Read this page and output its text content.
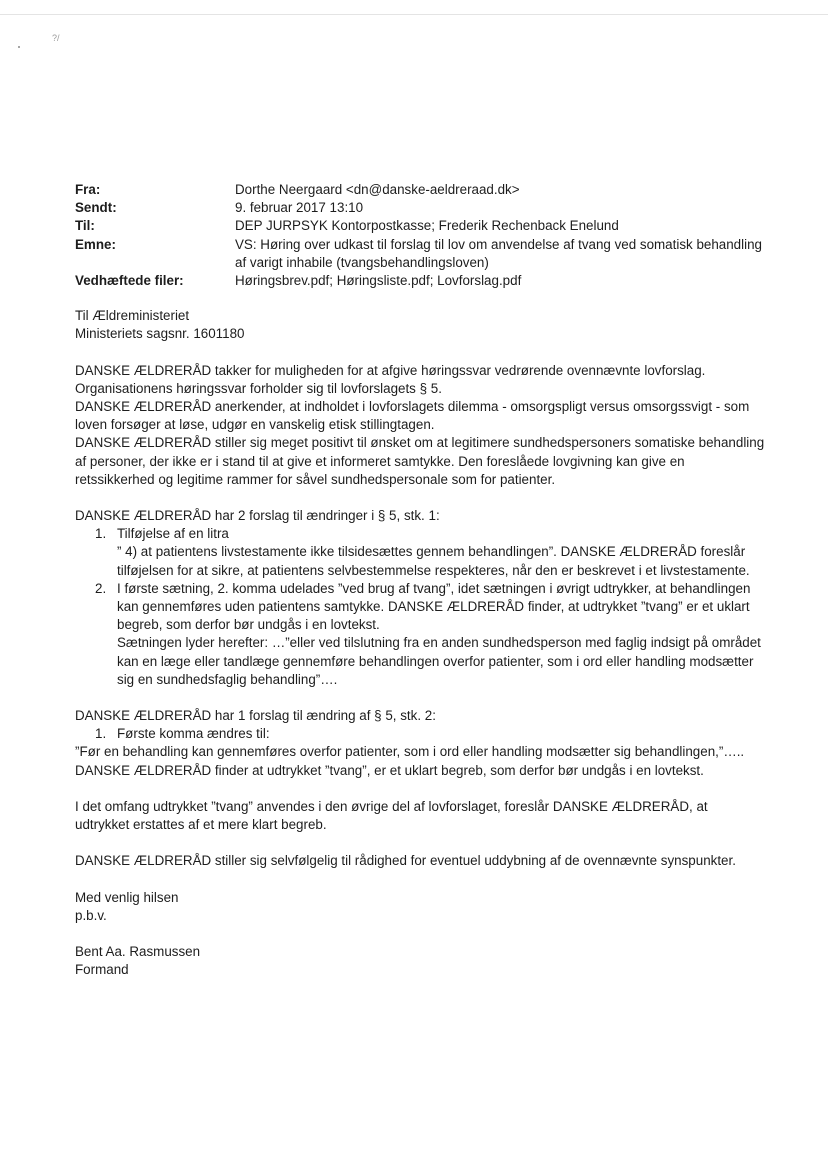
?/
Fra:	Dorthe Neergaard <dn@danske-aeldreraad.dk>
Sendt:	9. februar 2017 13:10
Til:	DEP JURPSYK Kontorpostkasse; Frederik Rechenback Enelund
Emne:	VS: Høring over udkast til forslag til lov om anvendelse af tvang ved somatisk behandling af varigt inhabile (tvangsbehandlingsloven)
Vedhæftede filer:	Høringsbrev.pdf; Høringsliste.pdf; Lovforslag.pdf

Til Ældreministeriet

Ministeriets sagsnr. 1601180

DANSKE ÆLDRERÅD takker for muligheden for at afgive høringssvar vedrørende ovennævnte lovforslag.

Organisationens høringssvar forholder sig til lovforslagets § 5.

DANSKE ÆLDRERÅD anerkender, at indholdet i lovforslagets dilemma - omsorgspligt versus omsorgssvigt - som loven forsøger at løse, udgør en vanskelig etisk stillingtagen.

DANSKE ÆLDRERÅD stiller sig meget positivt til ønsket om at legitimere sundhedspersoners somatiske behandling af personer, der ikke er i stand til at give et informeret samtykke. Den foreslåede lovgivning kan give en retssikkerhed og legitime rammer for såvel sundhedspersonale som for patienter.

DANSKE ÆLDRERÅD har 2 forslag til ændringer i § 5, stk. 1:

1. Tilføjelse af en litra

” 4) at patientens livstestamente ikke tilsidesættes gennem behandlingen”. DANSKE ÆLDRERÅD foreslår tilføjelsen for at sikre, at patientens selvbestemmelse respekteres, når den er beskrevet i et livstestamente.

2. I første sætning, 2. komma udelades ”ved brug af tvang”, idet sætningen i øvrigt udtrykker, at behandlingen kan gennemføres uden patientens samtykke. DANSKE ÆLDRERÅD finder, at udtrykket ”tvang” er et uklart begreb, som derfor bør undgås i en lovtekst.

Sætningen lyder herefter: …”eller ved tilslutning fra en anden sundhedsperson med faglig indsigt på området kan en læge eller tandlæge gennemføre behandlingen overfor patienter, som i ord eller handling modsætter sig en sundhedsfaglig behandling”….

DANSKE ÆLDRERÅD har 1 forslag til ændring af § 5, stk. 2:

1. Første komma ændres til:

”Før en behandling kan gennemføres overfor patienter, som i ord eller handling modsætter sig behandlingen,”….. DANSKE ÆLDRERÅD finder at udtrykket ”tvang”, er et uklart begreb, som derfor bør undgås i en lovtekst.

I det omfang udtrykket ”tvang” anvendes i den øvrige del af lovforslaget, foreslår DANSKE ÆLDRERÅD, at udtrykket erstattes af et mere klart begreb.

DANSKE ÆLDRERÅD stiller sig selvfølgelig til rådighed for eventuel uddybning af de ovennævnte synspunkter.

Med venlig hilsen

p.b.v.

Bent Aa. Rasmussen

Formand
